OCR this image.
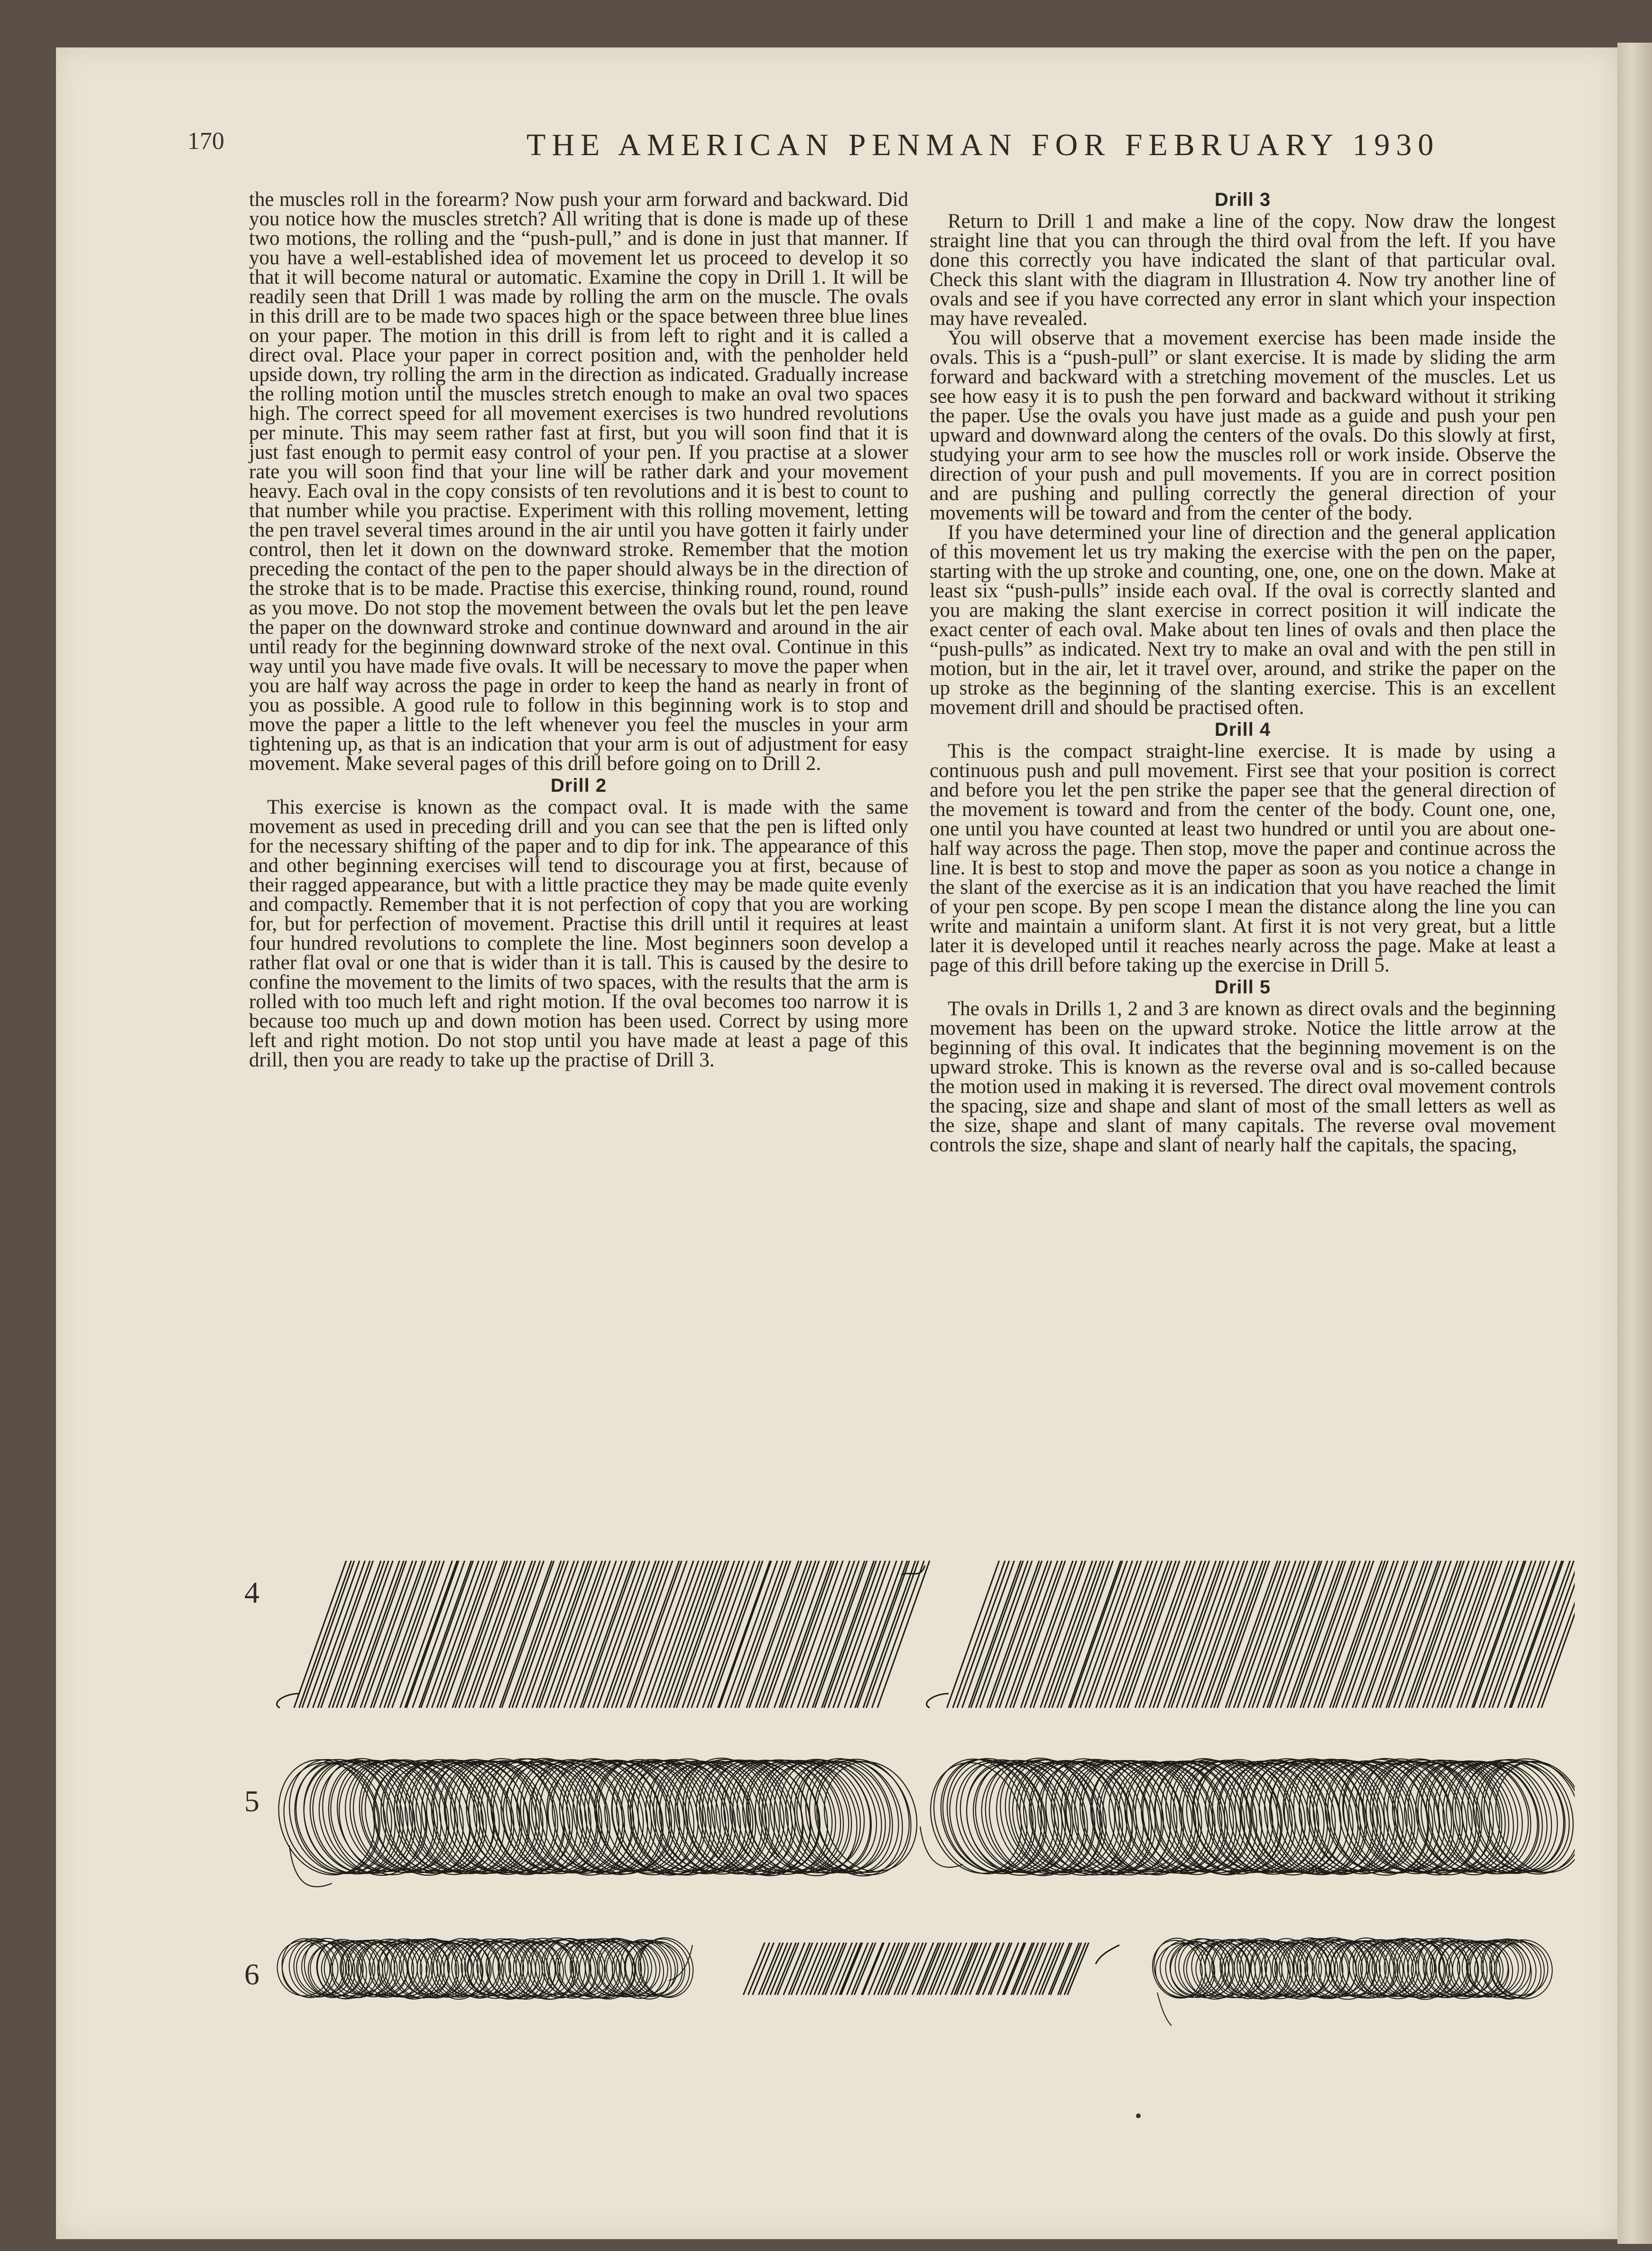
170	THE AMERICAN PENMAN FOR FEBRUARY 1930

the muscles roll in the forearm? Now push your arm forward and backward. Did you notice how the muscles stretch? All writing that is done is made up of these two motions, the rolling and the “push-pull,” and is done in just that manner. If you have a well-established idea of movement let us proceed to develop it so that it will become natural or automatic. Examine the copy in Drill 1. It will be readily seen that Drill 1 was made by rolling the arm on the muscle. The ovals in this drill are to be made two spaces high or the space between three blue lines on your paper. The motion in this drill is from left to right and it is called a direct oval. Place your paper in correct position and, with the penholder held upside down, try rolling the arm in the direction as indicated. Gradually increase the rolling motion until the muscles stretch enough to make an oval two spaces high. The correct speed for all movement exercises is two hundred revolutions per minute. This may seem rather fast at first, but you will soon find that it is just fast enough to permit easy control of your pen. If you practise at a slower rate you will soon find that your line will be rather dark and your movement heavy. Each oval in the copy consists of ten revolutions and it is best to count to that number while you practise. Experiment with this rolling movement, letting the pen travel several times around in the air until you have gotten it fairly under control, then let it down on the downward stroke. Remember that the motion preceding the contact of the pen to the paper should always be in the direction of the stroke that is to be made. Practise this exercise, thinking round, round, round as you move. Do not stop the movement between the ovals but let the pen leave the paper on the downward stroke and continue downward and around in the air until ready for the beginning downward stroke of the next oval. Continue in this way until you have made five ovals. It will be necessary to move the paper when you are half way across the page in order to keep the hand as nearly in front of you as possible. A good rule to follow in this beginning work is to stop and move the paper a little to the left whenever you feel the muscles in your arm tightening up, as that is an indication that your arm is out of adjustment for easy movement. Make several pages of this drill before going on to Drill 2.

Drill 2

This exercise is known as the compact oval. It is made with the same movement as used in preceding drill and you can see that the pen is lifted only for the necessary shifting of the paper and to dip for ink. The appearance of this and other beginning exercises will tend to discourage you at first, because of their ragged appearance, but with a little practice they may be made quite evenly and compactly. Remember that it is not perfection of copy that you are working for, but for perfection of movement. Practise this drill until it requires at least four hundred revolutions to complete the line. Most beginners soon develop a rather flat oval or one that is wider than it is tall. This is caused by the desire to confine the movement to the limits of two spaces, with the results that the arm is rolled with too much left and right motion. If the oval becomes too narrow it is because too much up and down motion has been used. Correct by using more left and right motion. Do not stop until you have made at least a page of this drill, then you are ready to take up the practise of Drill 3.

Drill 3

Return to Drill 1 and make a line of the copy. Now draw the longest straight line that you can through the third oval from the left. If you have done this correctly you have indicated the slant of that particular oval. Check this slant with the diagram in Illustration 4. Now try another line of ovals and see if you have corrected any error in slant which your inspection may have revealed.

You will observe that a movement exercise has been made inside the ovals. This is a “push-pull” or slant exercise. It is made by sliding the arm forward and backward with a stretching movement of the muscles. Let us see how easy it is to push the pen forward and backward without it striking the paper. Use the ovals you have just made as a guide and push your pen upward and downward along the centers of the ovals. Do this slowly at first, studying your arm to see how the muscles roll or work inside. Observe the direction of your push and pull movements. If you are in correct position and are pushing and pulling correctly the general direction of your movements will be toward and from the center of the body.

If you have determined your line of direction and the general application of this movement let us try making the exercise with the pen on the paper, starting with the up stroke and counting, one, one, one on the down. Make at least six “push-pulls” inside each oval. If the oval is correctly slanted and you are making the slant exercise in correct position it will indicate the exact center of each oval. Make about ten lines of ovals and then place the “push-pulls” as indicated. Next try to make an oval and with the pen still in motion, but in the air, let it travel over, around, and strike the paper on the up stroke as the beginning of the slanting exercise. This is an excellent movement drill and should be practised often.

Drill 4

This is the compact straight-line exercise. It is made by using a continuous push and pull movement. First see that your position is correct and before you let the pen strike the paper see that the general direction of the movement is toward and from the center of the body. Count one, one, one until you have counted at least two hundred or until you are about one-half way across the page. Then stop, move the paper and continue across the line. It is best to stop and move the paper as soon as you notice a change in the slant of the exercise as it is an indication that you have reached the limit of your pen scope. By pen scope I mean the distance along the line you can write and maintain a uniform slant. At first it is not very great, but a little later it is developed until it reaches nearly across the page. Make at least a page of this drill before taking up the exercise in Drill 5.

Drill 5

The ovals in Drills 1, 2 and 3 are known as direct ovals and the beginning movement has been on the upward stroke. Notice the little arrow at the beginning of this oval. It indicates that the beginning movement is on the upward stroke. This is known as the reverse oval and is so-called because the motion used in making it is reversed. The direct oval movement controls the spacing, size and shape and slant of most of the small letters as well as the size, shape and slant of many capitals. The reverse oval movement controls the size, shape and slant of nearly half the capitals, the spacing,

4
5
6
